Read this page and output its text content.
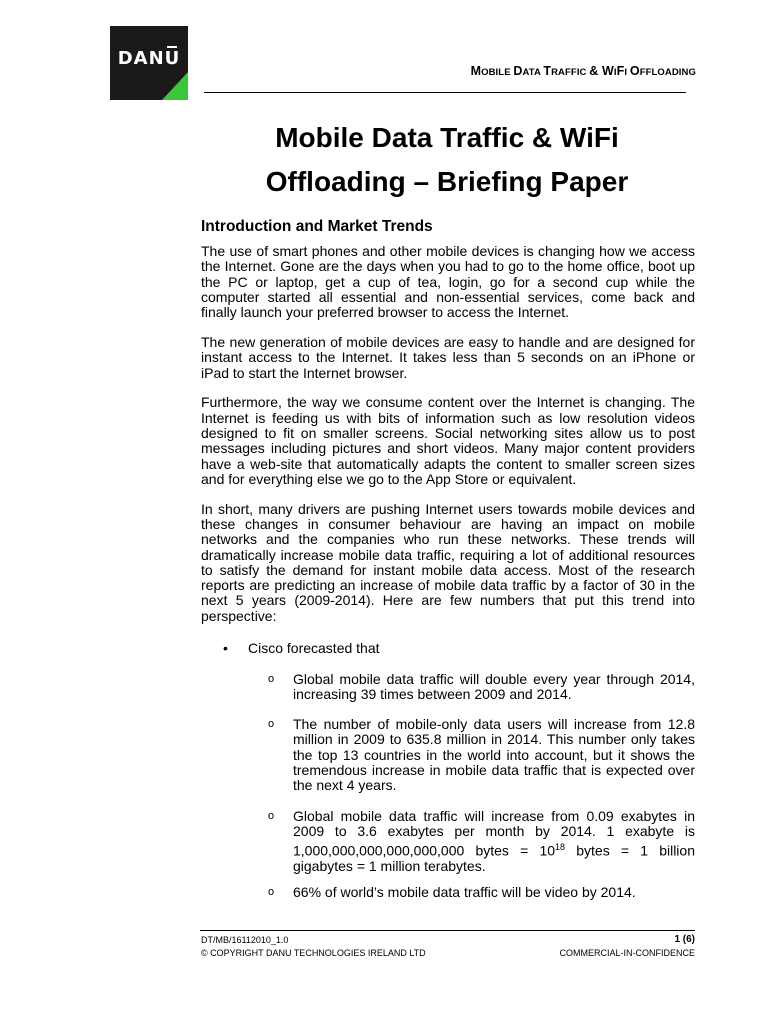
DANU
MOBILE DATA TRAFFIC & WIFI OFFLOADING
Mobile Data Traffic & WiFi
Offloading – Briefing Paper
Introduction and Market Trends

The use of smart phones and other mobile devices is changing how we access the Internet. Gone are the days when you had to go to the home office, boot up the PC or laptop, get a cup of tea, login, go for a second cup while the computer started all essential and non-essential services, come back and finally launch your preferred browser to access the Internet.

The new generation of mobile devices are easy to handle and are designed for instant access to the Internet. It takes less than 5 seconds on an iPhone or iPad to start the Internet browser.

Furthermore, the way we consume content over the Internet is changing. The Internet is feeding us with bits of information such as low resolution videos designed to fit on smaller screens. Social networking sites allow us to post messages including pictures and short videos. Many major content providers have a web-site that automatically adapts the content to smaller screen sizes and for everything else we go to the App Store or equivalent.

In short, many drivers are pushing Internet users towards mobile devices and these changes in consumer behaviour are having an impact on mobile networks and the companies who run these networks. These trends will dramatically increase mobile data traffic, requiring a lot of additional resources to satisfy the demand for instant mobile data access. Most of the research reports are predicting an increase of mobile data traffic by a factor of 30 in the next 5 years (2009-2014). Here are few numbers that put this trend into perspective:

• Cisco forecasted that
o Global mobile data traffic will double every year through 2014, increasing 39 times between 2009 and 2014.
o The number of mobile-only data users will increase from 12.8 million in 2009 to 635.8 million in 2014. This number only takes the top 13 countries in the world into account, but it shows the tremendous increase in mobile data traffic that is expected over the next 4 years.
o Global mobile data traffic will increase from 0.09 exabytes in 2009 to 3.6 exabytes per month by 2014. 1 exabyte is 1,000,000,000,000,000,000 bytes = $10^{18}$ bytes = 1 billion gigabytes = 1 million terabytes.
o 66% of world’s mobile data traffic will be video by 2014.
DT/MB/16112010_1.0
© COPYRIGHT DANU TECHNOLOGIES IRELAND LTD
1 (6)
COMMERCIAL-IN-CONFIDENCE
